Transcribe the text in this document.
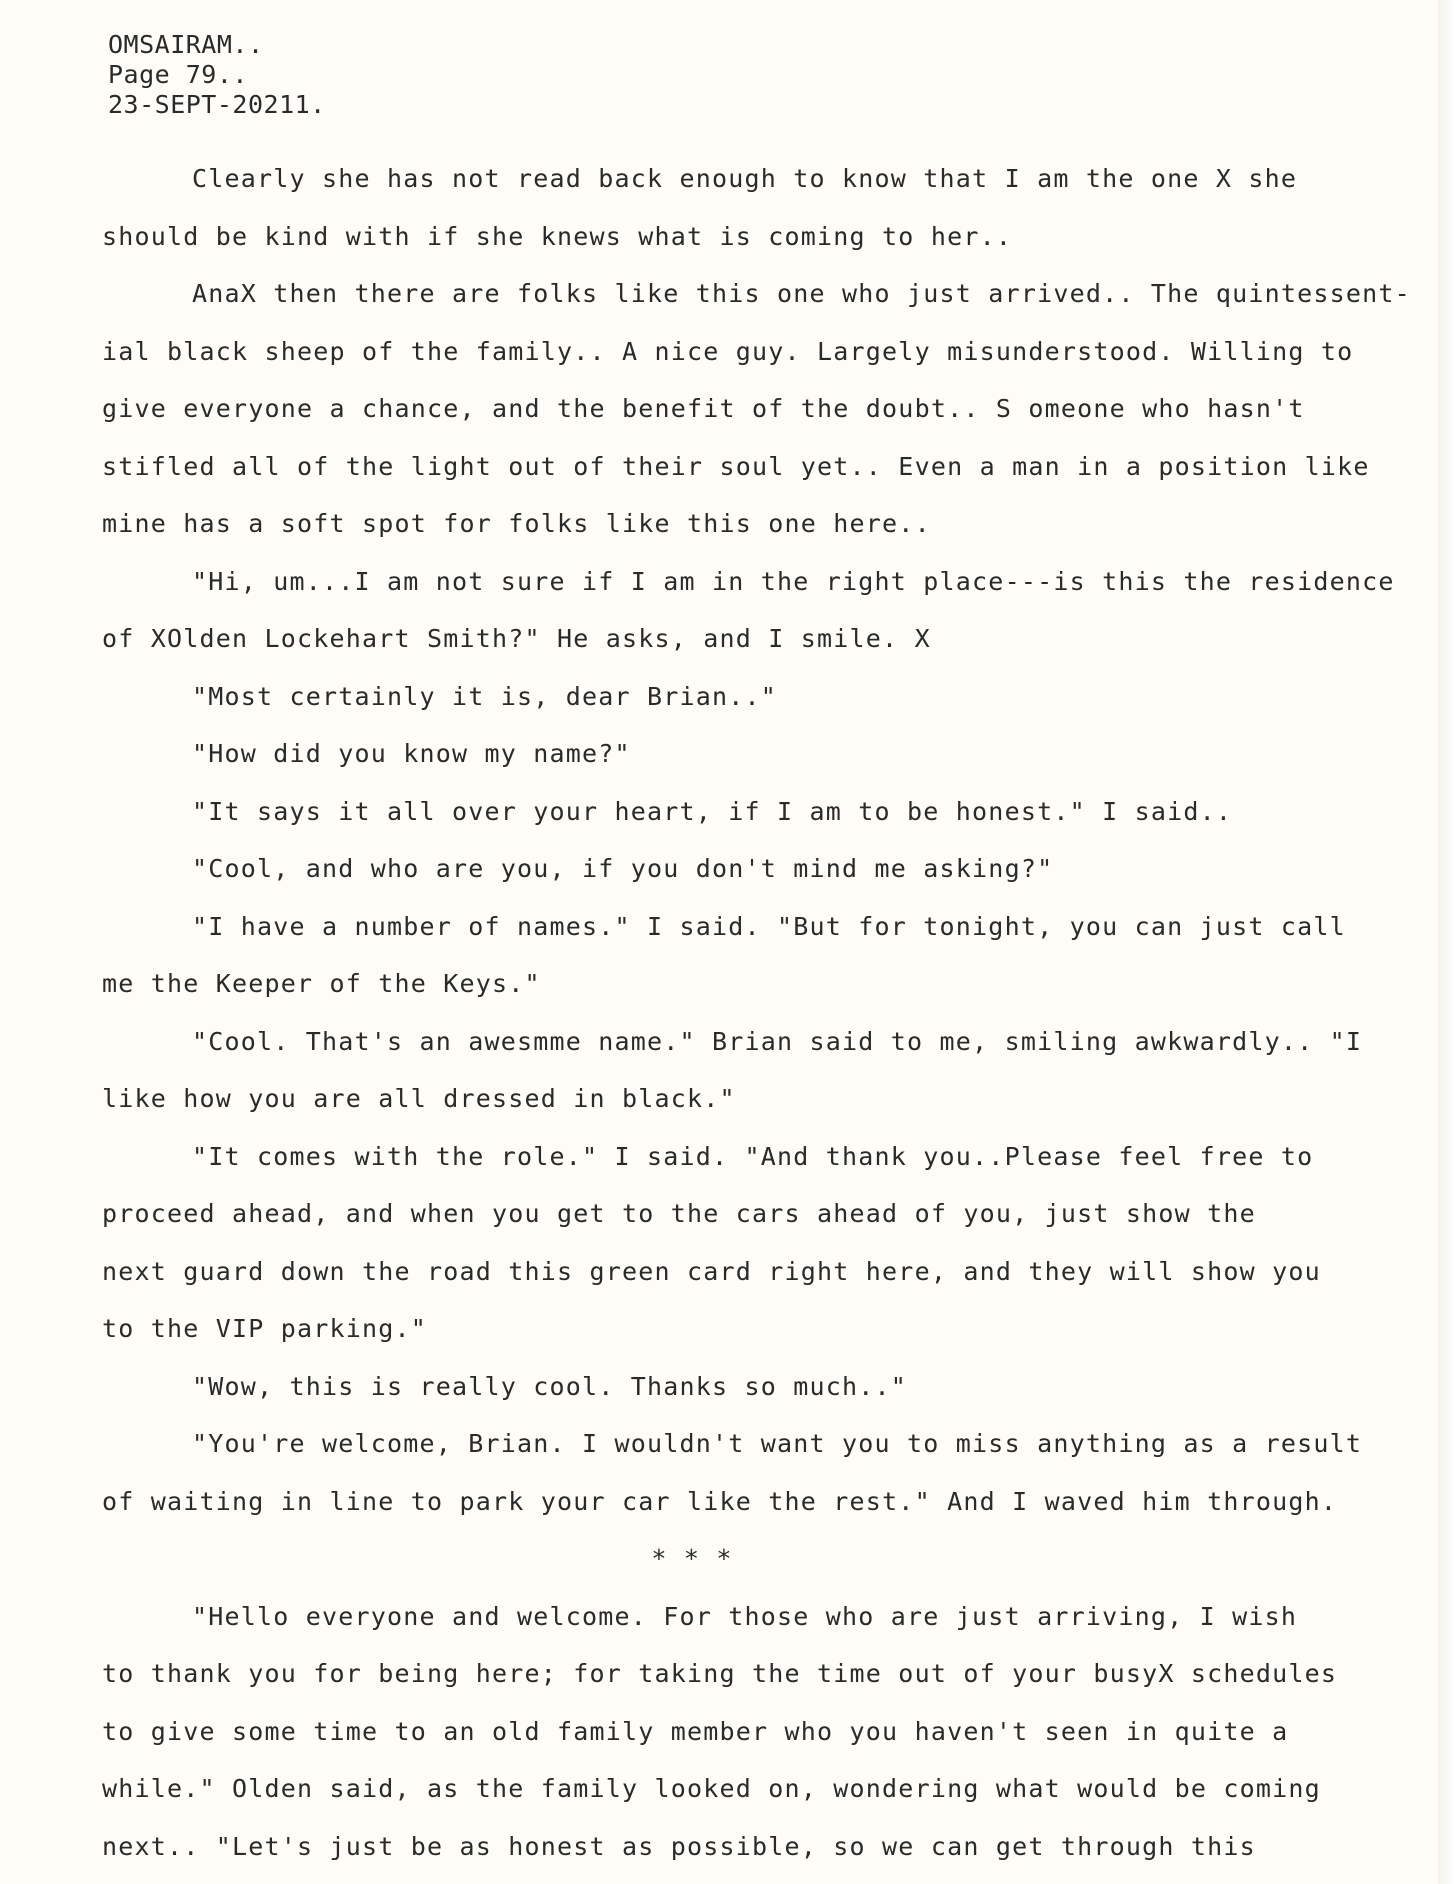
OMSAIRAM..
Page 79..
23-SEPT-20211.
Clearly she has not read back enough to know that I am the one X she
should be kind with if she knews what is coming to her..
AnaX then there are folks like this one who just arrived.. The quintessent-
ial black sheep of the family.. A nice guy. Largely misunderstood. Willing to
give everyone a chance, and the benefit of the doubt.. S omeone who hasn't
stifled all of the light out of their soul yet.. Even a man in a position like
mine has a soft spot for folks like this one here..
"Hi, um...I am not sure if I am in the right place---is this the residence
of XOlden Lockehart Smith?" He asks, and I smile. X
"Most certainly it is, dear Brian.."
"How did you know my name?"
"It says it all over your heart, if I am to be honest." I said..
"Cool, and who are you, if you don't mind me asking?"
"I have a number of names." I said. "But for tonight, you can just call
me the Keeper of the Keys."
"Cool. That's an awesmme name." Brian said to me, smiling awkwardly.. "I
like how you are all dressed in black."
"It comes with the role." I said. "And thank you..Please feel free to
proceed ahead, and when you get to the cars ahead of you, just show the
next guard down the road this green card right here, and they will show you
to the VIP parking."
"Wow, this is really cool. Thanks so much.."
"You're welcome, Brian. I wouldn't want you to miss anything as a result
of waiting in line to park your car like the rest." And I waved him through.
* * *
"Hello everyone and welcome. For those who are just arriving, I wish
to thank you for being here; for taking the time out of your busyX schedules
to give some time to an old family member who you haven't seen in quite a
while." Olden said, as the family looked on, wondering what would be coming
next.. "Let's just be as honest as possible, so we can get through this
